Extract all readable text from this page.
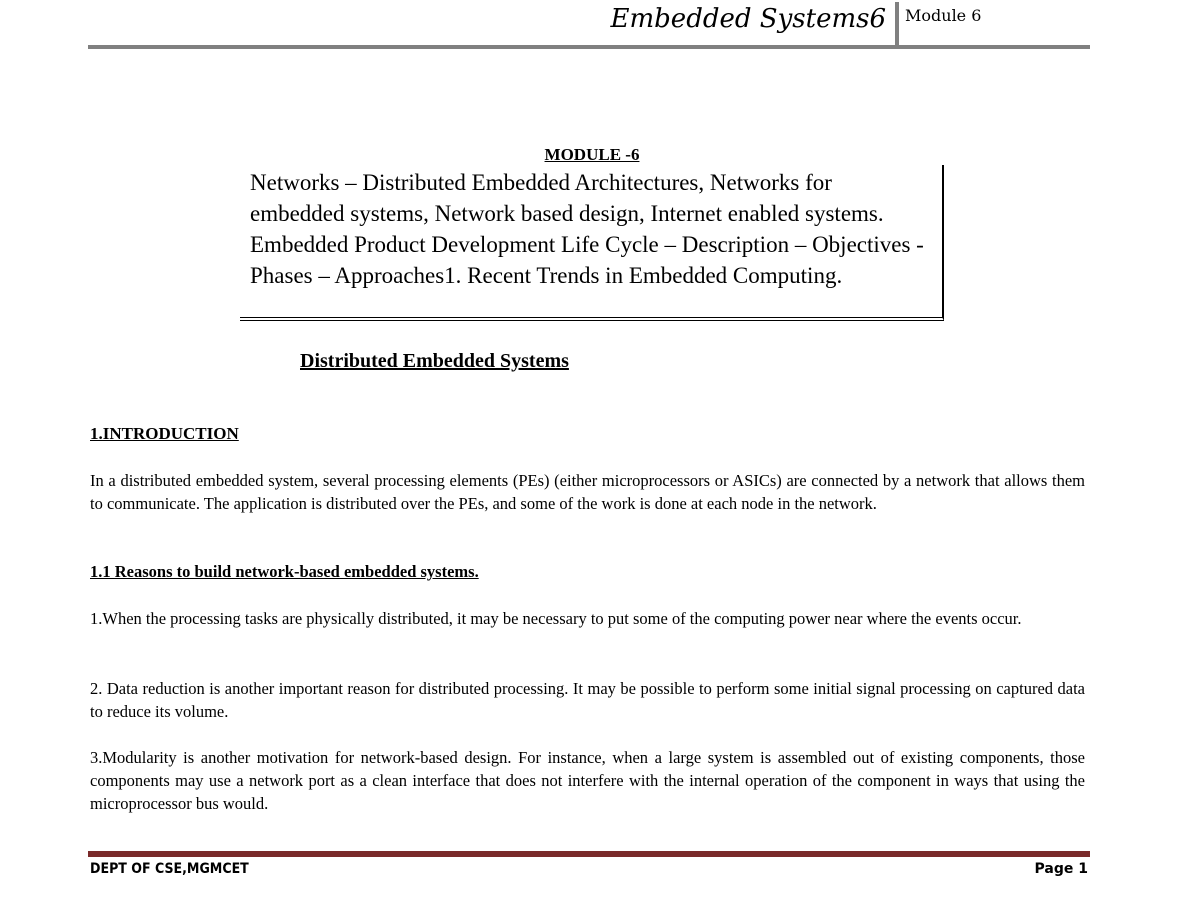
Embedded Systems6 Module 6
MODULE -6
Networks – Distributed Embedded Architectures, Networks for embedded systems, Network based design, Internet enabled systems. Embedded Product Development Life Cycle – Description – Objectives -Phases – Approaches1. Recent Trends in Embedded Computing.
Distributed Embedded Systems
1.INTRODUCTION
In a distributed embedded system, several processing elements (PEs) (either microprocessors or ASICs) are connected by a network that allows them to communicate. The application is distributed over the PEs, and some of the work is done at each node in the network.
1.1 Reasons to build network-based embedded systems.
1.When the processing tasks are physically distributed, it may be necessary to put some of the computing power near where the events occur.
2. Data reduction is another important reason for distributed processing. It may be possible to perform some initial signal processing on captured data to reduce its volume.
3.Modularity is another motivation for network-based design. For instance, when a large system is assembled out of existing components, those components may use a network port as a clean interface that does not interfere with the internal operation of the component in ways that using the microprocessor bus would.
DEPT OF CSE,MGMCET	Page 1
